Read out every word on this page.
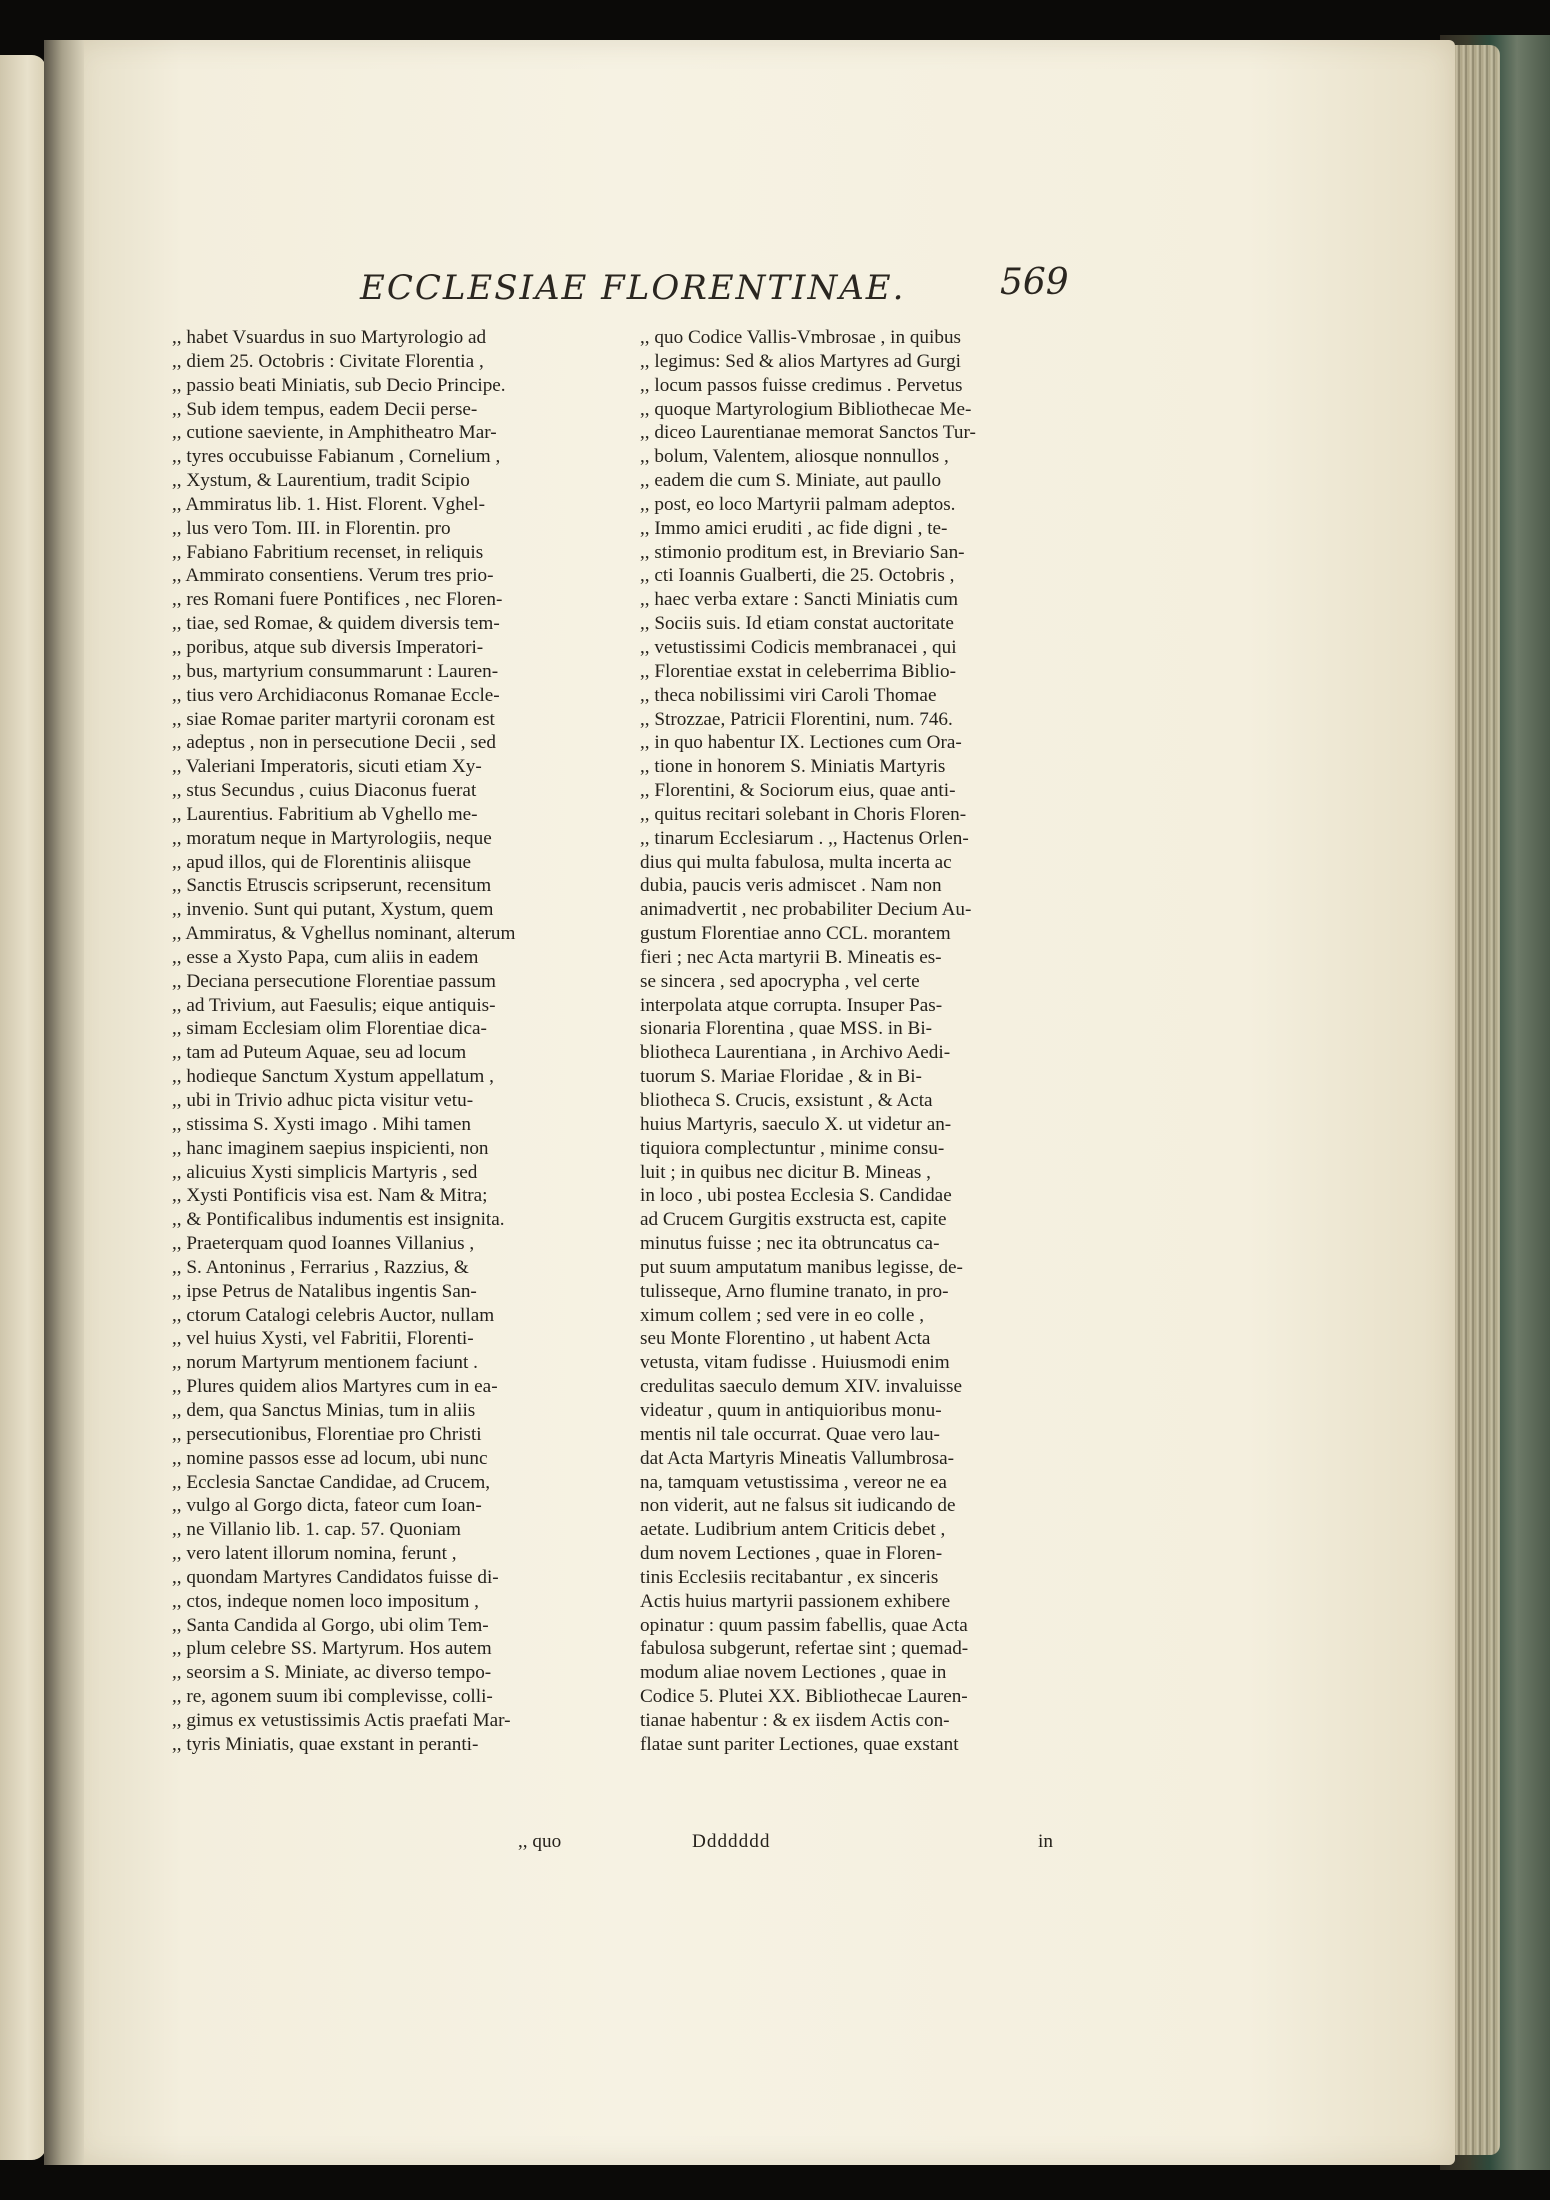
ECCLESIAE FLORENTINAE.	569
,, habet Vsuardus in suo Martyrologio ad
,, diem 25. Octobris : Civitate Florentia ,
,, passio beati Miniatis, sub Decio Principe.
,, Sub idem tempus, eadem Decii perse-
,, cutione saeviente, in Amphitheatro Mar-
,, tyres occubuisse Fabianum , Cornelium ,
,, Xystum, & Laurentium, tradit Scipio
,, Ammiratus lib. 1. Hist. Florent. Vghel-
,, lus vero Tom. III. in Florentin. pro
,, Fabiano Fabritium recenset, in reliquis
,, Ammirato consentiens. Verum tres prio-
,, res Romani fuere Pontifices , nec Floren-
,, tiae, sed Romae, & quidem diversis tem-
,, poribus, atque sub diversis Imperatori-
,, bus, martyrium consummarunt : Lauren-
,, tius vero Archidiaconus Romanae Eccle-
,, siae Romae pariter martyrii coronam est
,, adeptus , non in persecutione Decii , sed
,, Valeriani Imperatoris, sicuti etiam Xy-
,, stus Secundus , cuius Diaconus fuerat
,, Laurentius. Fabritium ab Vghello me-
,, moratum neque in Martyrologiis, neque
,, apud illos, qui de Florentinis aliisque
,, Sanctis Etruscis scripserunt, recensitum
,, invenio. Sunt qui putant, Xystum, quem
,, Ammiratus, & Vghellus nominant, alterum
,, esse a Xysto Papa, cum aliis in eadem
,, Deciana persecutione Florentiae passum
,, ad Trivium, aut Faesulis; eique antiquis-
,, simam Ecclesiam olim Florentiae dica-
,, tam ad Puteum Aquae, seu ad locum
,, hodieque Sanctum Xystum appellatum ,
,, ubi in Trivio adhuc picta visitur vetu-
,, stissima S. Xysti imago . Mihi tamen
,, hanc imaginem saepius inspicienti, non
,, alicuius Xysti simplicis Martyris , sed
,, Xysti Pontificis visa est. Nam & Mitra;
,, & Pontificalibus indumentis est insignita.
,, Praeterquam quod Ioannes Villanius ,
,, S. Antoninus , Ferrarius , Razzius, &
,, ipse Petrus de Natalibus ingentis San-
,, ctorum Catalogi celebris Auctor, nullam
,, vel huius Xysti, vel Fabritii, Florenti-
,, norum Martyrum mentionem faciunt .
,, Plures quidem alios Martyres cum in ea-
,, dem, qua Sanctus Minias, tum in aliis
,, persecutionibus, Florentiae pro Christi
,, nomine passos esse ad locum, ubi nunc
,, Ecclesia Sanctae Candidae, ad Crucem,
,, vulgo al Gorgo dicta, fateor cum Ioan-
,, ne Villanio lib. 1. cap. 57. Quoniam
,, vero latent illorum nomina, ferunt ,
,, quondam Martyres Candidatos fuisse di-
,, ctos, indeque nomen loco impositum ,
,, Santa Candida al Gorgo, ubi olim Tem-
,, plum celebre SS. Martyrum. Hos autem
,, seorsim a S. Miniate, ac diverso tempo-
,, re, agonem suum ibi complevisse, colli-
,, gimus ex vetustissimis Actis praefati Mar-
,, tyris Miniatis, quae exstant in peranti-
,, quo Codice Vallis-Vmbrosae , in quibus
,, legimus: Sed & alios Martyres ad Gurgi
,, locum passos fuisse credimus . Pervetus
,, quoque Martyrologium Bibliothecae Me-
,, diceo Laurentianae memorat Sanctos Tur-
,, bolum, Valentem, aliosque nonnullos ,
,, eadem die cum S. Miniate, aut paullo
,, post, eo loco Martyrii palmam adeptos.
,, Immo amici eruditi , ac fide digni , te-
,, stimonio proditum est, in Breviario San-
,, cti Ioannis Gualberti, die 25. Octobris ,
,, haec verba extare : Sancti Miniatis cum
,, Sociis suis. Id etiam constat auctoritate
,, vetustissimi Codicis membranacei , qui
,, Florentiae exstat in celeberrima Biblio-
,, theca nobilissimi viri Caroli Thomae
,, Strozzae, Patricii Florentini, num. 746.
,, in quo habentur IX. Lectiones cum Ora-
,, tione in honorem S. Miniatis Martyris
,, Florentini, & Sociorum eius, quae anti-
,, quitus recitari solebant in Choris Floren-
,, tinarum Ecclesiarum . ,, Hactenus Orlen-
dius qui multa fabulosa, multa incerta ac
dubia, paucis veris admiscet . Nam non
animadvertit , nec probabiliter Decium Au-
gustum Florentiae anno CCL. morantem
fieri ; nec Acta martyrii B. Mineatis es-
se sincera , sed apocrypha , vel certe
interpolata atque corrupta. Insuper Pas-
sionaria Florentina , quae MSS. in Bi-
bliotheca Laurentiana , in Archivo Aedi-
tuorum S. Mariae Floridae , & in Bi-
bliotheca S. Crucis, exsistunt , & Acta
huius Martyris, saeculo X. ut videtur an-
tiquiora complectuntur , minime consu-
luit ; in quibus nec dicitur B. Mineas ,
in loco , ubi postea Ecclesia S. Candidae
ad Crucem Gurgitis exstructa est, capite
minutus fuisse ; nec ita obtruncatus ca-
put suum amputatum manibus legisse, de-
tulisseque, Arno flumine tranato, in pro-
ximum collem ; sed vere in eo colle ,
seu Monte Florentino , ut habent Acta
vetusta, vitam fudisse . Huiusmodi enim
credulitas saeculo demum XIV. invaluisse
videatur , quum in antiquioribus monu-
mentis nil tale occurrat. Quae vero lau-
dat Acta Martyris Mineatis Vallumbrosa-
na, tamquam vetustissima , vereor ne ea
non viderit, aut ne falsus sit iudicando de
aetate. Ludibrium antem Criticis debet ,
dum novem Lectiones , quae in Floren-
tinis Ecclesiis recitabantur , ex sinceris
Actis huius martyrii passionem exhibere
opinatur : quum passim fabellis, quae Acta
fabulosa subgerunt, refertae sint ; quemad-
modum aliae novem Lectiones , quae in
Codice 5. Plutei XX. Bibliothecae Lauren-
tianae habentur : & ex iisdem Actis con-
flatae sunt pariter Lectiones, quae exstant
,, quo	Ddddddd	in
